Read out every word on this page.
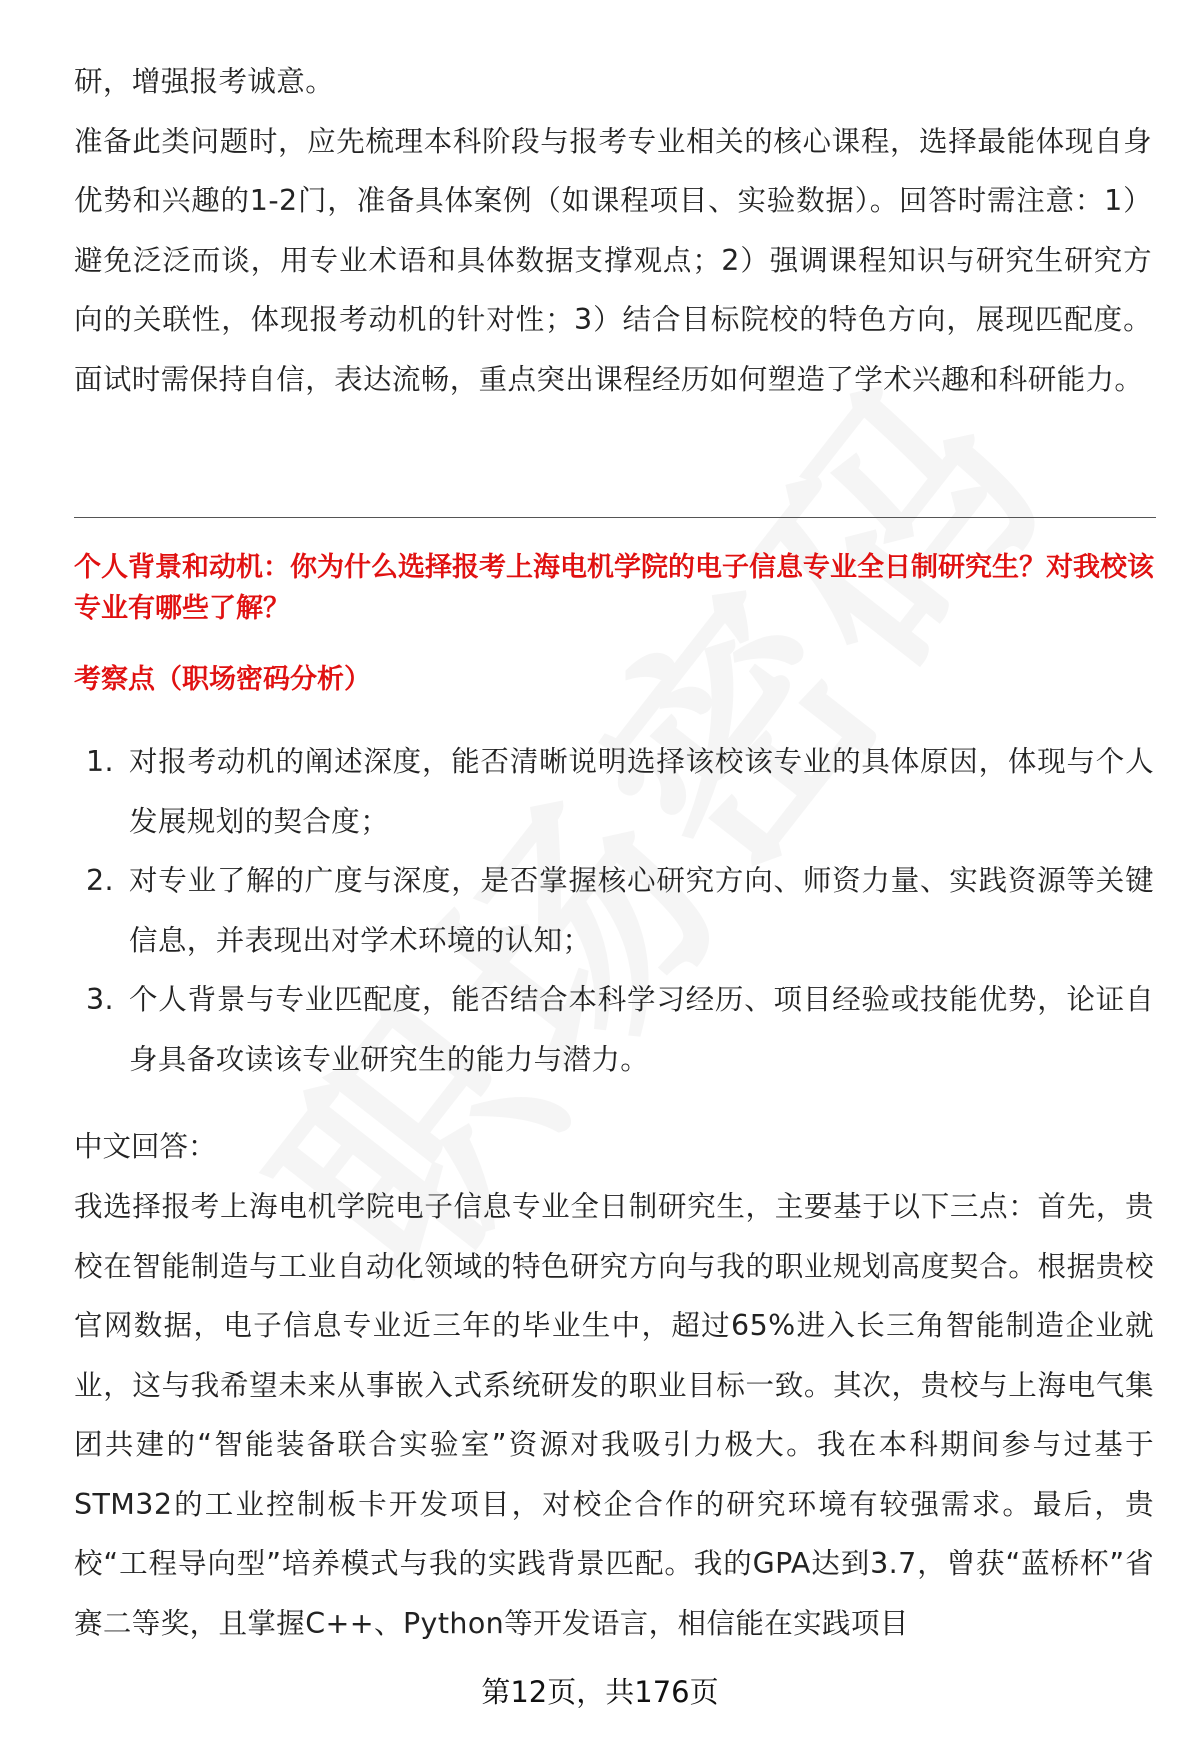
研，增强报考诚意。

准备此类问题时，应先梳理本科阶段与报考专业相关的核心课程，选择最能体现自身优势和兴趣的1-2门，准备具体案例（如课程项目、实验数据）。回答时需注意：1）避免泛泛而谈，用专业术语和具体数据支撑观点；2）强调课程知识与研究生研究方向的关联性，体现报考动机的针对性；3）结合目标院校的特色方向，展现匹配度。面试时需保持自信，表达流畅，重点突出课程经历如何塑造了学术兴趣和科研能力。

个人背景和动机：你为什么选择报考上海电机学院的电子信息专业全日制研究生？对我校该专业有哪些了解？

考察点（职场密码分析）

1. 对报考动机的阐述深度，能否清晰说明选择该校该专业的具体原因，体现与个人发展规划的契合度；
2. 对专业了解的广度与深度，是否掌握核心研究方向、师资力量、实践资源等关键信息，并表现出对学术环境的认知；
3. 个人背景与专业匹配度，能否结合本科学习经历、项目经验或技能优势，论证自身具备攻读该专业研究生的能力与潜力。

中文回答：

我选择报考上海电机学院电子信息专业全日制研究生，主要基于以下三点：首先，贵校在智能制造与工业自动化领域的特色研究方向与我的职业规划高度契合。根据贵校官网数据，电子信息专业近三年的毕业生中，超过65%进入长三角智能制造企业就业，这与我希望未来从事嵌入式系统研发的职业目标一致。其次，贵校与上海电气集团共建的“智能装备联合实验室”资源对我吸引力极大。我在本科期间参与过基于STM32的工业控制板卡开发项目，对校企合作的研究环境有较强需求。最后，贵校“工程导向型”培养模式与我的实践背景匹配。我的GPA达到3.7，曾获“蓝桥杯”省赛二等奖，且掌握C++、Python等开发语言，相信能在实践项目

第12页，共176页
